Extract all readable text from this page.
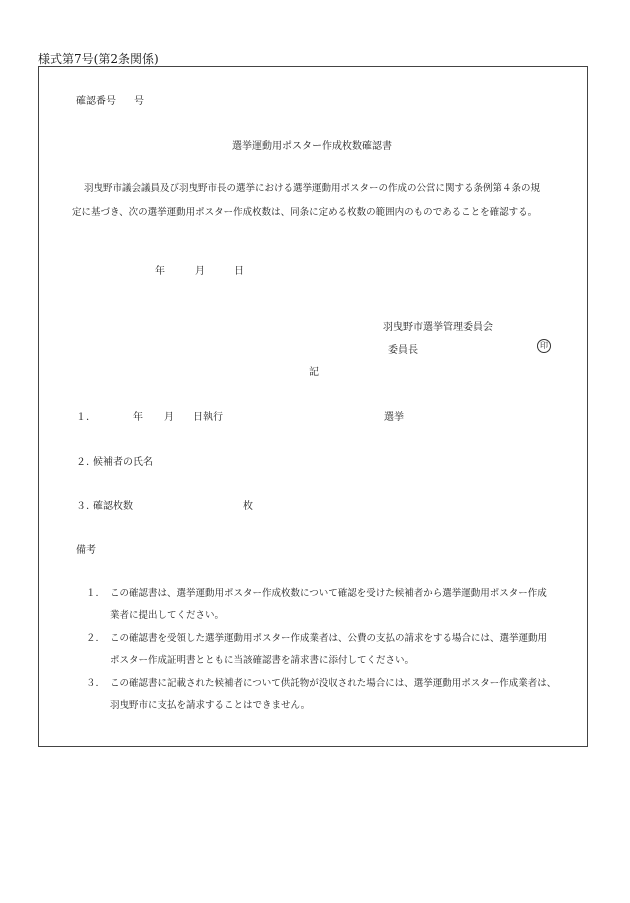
様式第7号(第2条関係)
確認番号 号
選挙運動用ポスター作成枚数確認書
羽曳野市議会議員及び羽曳野市長の選挙における選挙運動用ポスターの作成の公営に関する条例第４条の規
定に基づき、次の選挙運動用ポスター作成枚数は、同条に定める枚数の範囲内のものであることを確認する。
年	月	日
羽曳野市選挙管理委員会
委員長	印
記
１.	年 月 日執行	選挙
２. 候補者の氏名
３. 確認枚数	枚
備考
１. この確認書は、選挙運動用ポスター作成枚数について確認を受けた候補者から選挙運動用ポスター作成
業者に提出してください。
２. この確認書を受領した選挙運動用ポスター作成業者は、公費の支払の請求をする場合には、選挙運動用
ポスター作成証明書とともに当該確認書を請求書に添付してください。
３. この確認書に記載された候補者について供託物が没収された場合には、選挙運動用ポスター作成業者は、
羽曳野市に支払を請求することはできません。
